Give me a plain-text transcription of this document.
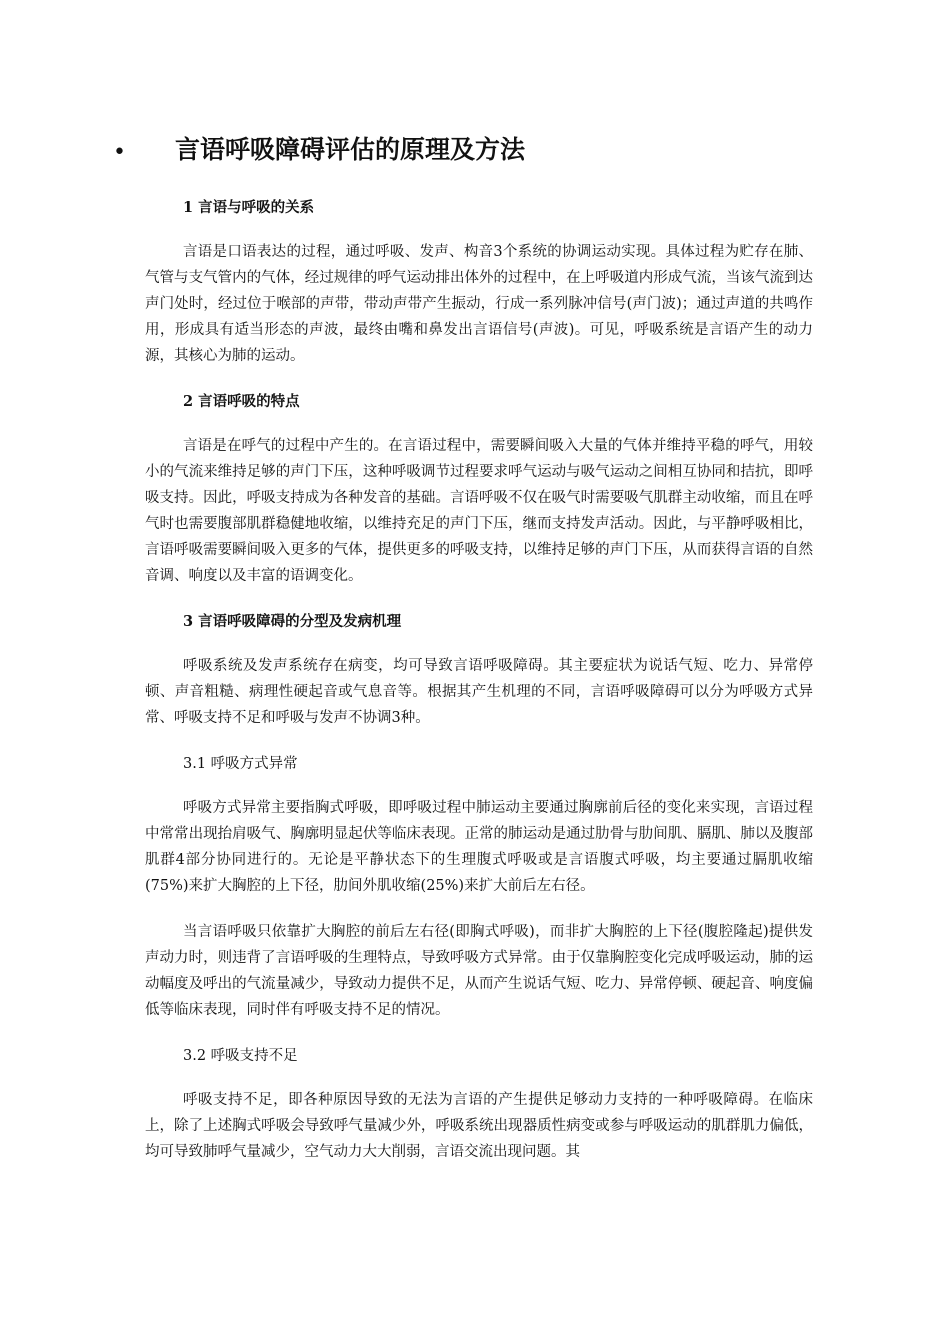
• 言语呼吸障碍评估的原理及方法
1 言语与呼吸的关系

言语是口语表达的过程，通过呼吸、发声、构音3个系统的协调运动实现。具体过程为贮存在肺、气管与支气管内的气体，经过规律的呼气运动排出体外的过程中，在上呼吸道内形成气流，当该气流到达声门处时，经过位于喉部的声带，带动声带产生振动，行成一系列脉冲信号(声门波)；通过声道的共鸣作用，形成具有适当形态的声波，最终由嘴和鼻发出言语信号(声波)。可见，呼吸系统是言语产生的动力源，其核心为肺的运动。

2 言语呼吸的特点

言语是在呼气的过程中产生的。在言语过程中，需要瞬间吸入大量的气体并维持平稳的呼气，用较小的气流来维持足够的声门下压，这种呼吸调节过程要求呼气运动与吸气运动之间相互协同和拮抗，即呼吸支持。因此，呼吸支持成为各种发音的基础。言语呼吸不仅在吸气时需要吸气肌群主动收缩，而且在呼气时也需要腹部肌群稳健地收缩，以维持充足的声门下压，继而支持发声活动。因此，与平静呼吸相比，言语呼吸需要瞬间吸入更多的气体，提供更多的呼吸支持，以维持足够的声门下压，从而获得言语的自然音调、响度以及丰富的语调变化。

3 言语呼吸障碍的分型及发病机理

呼吸系统及发声系统存在病变，均可导致言语呼吸障碍。其主要症状为说话气短、吃力、异常停顿、声音粗糙、病理性硬起音或气息音等。根据其产生机理的不同，言语呼吸障碍可以分为呼吸方式异常、呼吸支持不足和呼吸与发声不协调3种。

3.1 呼吸方式异常

呼吸方式异常主要指胸式呼吸，即呼吸过程中肺运动主要通过胸廓前后径的变化来实现，言语过程中常常出现抬肩吸气、胸廓明显起伏等临床表现。正常的肺运动是通过肋骨与肋间肌、膈肌、肺以及腹部肌群4部分协同进行的。无论是平静状态下的生理腹式呼吸或是言语腹式呼吸，均主要通过膈肌收缩(75%)来扩大胸腔的上下径，肋间外肌收缩(25%)来扩大前后左右径。

当言语呼吸只依靠扩大胸腔的前后左右径(即胸式呼吸)，而非扩大胸腔的上下径(腹腔隆起)提供发声动力时，则违背了言语呼吸的生理特点，导致呼吸方式异常。由于仅靠胸腔变化完成呼吸运动，肺的运动幅度及呼出的气流量减少，导致动力提供不足，从而产生说话气短、吃力、异常停顿、硬起音、响度偏低等临床表现，同时伴有呼吸支持不足的情况。

3.2 呼吸支持不足

呼吸支持不足，即各种原因导致的无法为言语的产生提供足够动力支持的一种呼吸障碍。在临床上，除了上述胸式呼吸会导致呼气量减少外，呼吸系统出现器质性病变或参与呼吸运动的肌群肌力偏低，均可导致肺呼气量减少，空气动力大大削弱，言语交流出现问题。其
